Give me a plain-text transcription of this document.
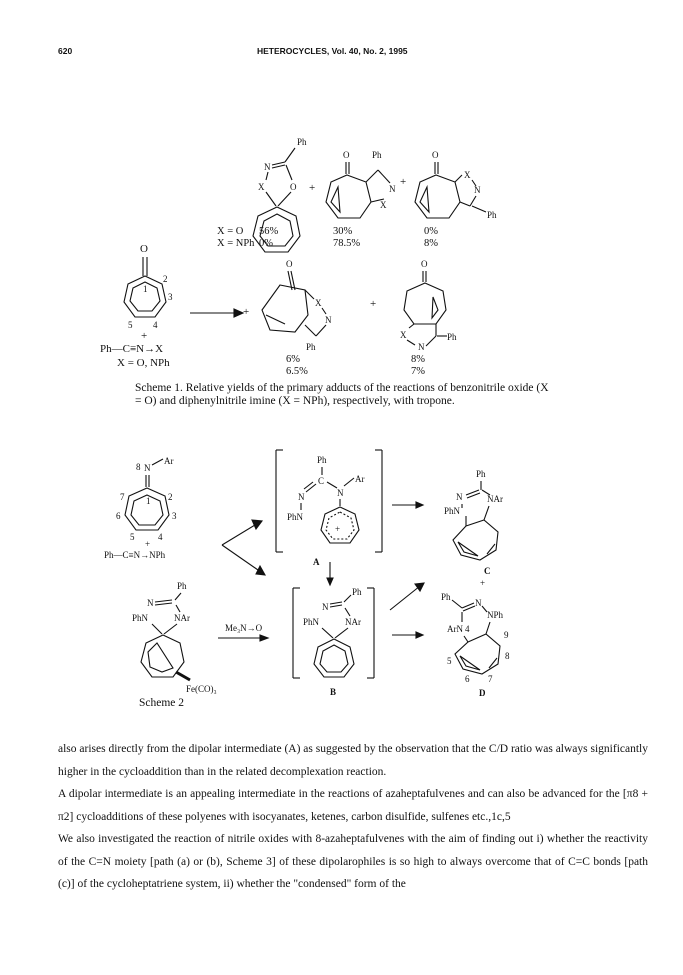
620	HETEROCYCLES, Vol. 40, No. 2, 1995
O
1
2
3
4
5
+
Ph—C≡N→X
X = O, NPh
Ph
N
X	O
X = O 56%
X = NPh 0%
+
O	Ph
N
X
30%
78.5%
+
O
X
N
Ph
0%
8%
+
O
X
N
Ph
6%
6.5%
+
O
X
N
Ph
8%
7%
Scheme 1. Relative yields of the primary adducts of the reactions of benzonitrile oxide (X = O) and diphenylnitrile imine (X = NPh), respectively, with tropone.
8 N
Ar
1 2
3
4
5
6
7
+
Ph—C≡N→NPh
Ph
C	Ar
N	N
PhN
+
A
Ph
N	NAr
PhN
C
+
Ph
N
PhN	NAr
Fe(CO)₃
Me₃N→O
Ph
N
PhN	NAr
B
Ph
N
NPh
ArN 4
9
8
7
6
5
D
Scheme 2

also arises directly from the dipolar intermediate (A) as suggested by the observation that the C/D ratio was always significantly higher in the cycloaddition than in the related decomplexation reaction.

A dipolar intermediate is an appealing intermediate in the reactions of azaheptafulvenes and can also be advanced for the [π8 + π2] cycloadditions of these polyenes with isocyanates, ketenes, carbon disulfide, sulfenes etc.,1c,5

We also investigated the reaction of nitrile oxides with 8-azaheptafulvenes with the aim of finding out i) whether the reactivity of the C=N moiety [path (a) or (b), Scheme 3] of these dipolarophiles is so high to always overcome that of C=C bonds [path (c)] of the cycloheptatriene system, ii) whether the "condensed" form of the
